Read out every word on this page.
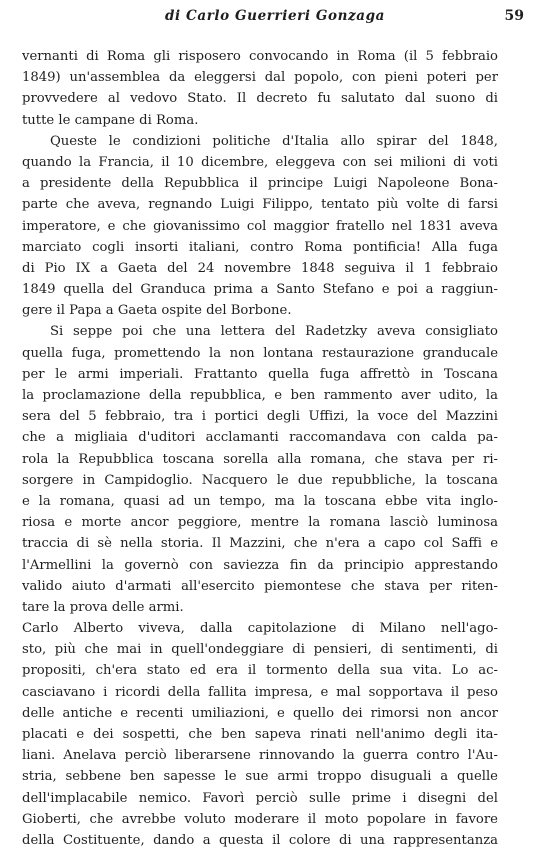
di Carlo Guerrieri Gonzaga	59
vernanti di Roma gli risposero convocando in Roma (il 5 febbraio
1849) un'assemblea da eleggersi dal popolo, con pieni poteri per
provvedere al vedovo Stato. Il decreto fu salutato dal suono di
tutte le campane di Roma.
Queste le condizioni politiche d'Italia allo spirar del 1848,
quando la Francia, il 10 dicembre, eleggeva con sei milioni di voti
a presidente della Repubblica il principe Luigi Napoleone Bona-
parte che aveva, regnando Luigi Filippo, tentato più volte di farsi
imperatore, e che giovanissimo col maggior fratello nel 1831 aveva
marciato cogli insorti italiani, contro Roma pontificia! Alla fuga
di Pio IX a Gaeta del 24 novembre 1848 seguiva il 1 febbraio
1849 quella del Granduca prima a Santo Stefano e poi a raggiun-
gere il Papa a Gaeta ospite del Borbone.
Si seppe poi che una lettera del Radetzky aveva consigliato
quella fuga, promettendo la non lontana restaurazione granducale
per le armi imperiali. Frattanto quella fuga affrettò in Toscana
la proclamazione della repubblica, e ben rammento aver udito, la
sera del 5 febbraio, tra i portici degli Uffizi, la voce del Mazzini
che a migliaia d'uditori acclamanti raccomandava con calda pa-
rola la Repubblica toscana sorella alla romana, che stava per ri-
sorgere in Campidoglio. Nacquero le due repubbliche, la toscana
e la romana, quasi ad un tempo, ma la toscana ebbe vita inglo-
riosa e morte ancor peggiore, mentre la romana lasciò luminosa
traccia di sè nella storia. Il Mazzini, che n'era a capo col Saffi e
l'Armellini la governò con saviezza fin da principio apprestando
valido aiuto d'armati all'esercito piemontese che stava per riten-
tare la prova delle armi.
Carlo Alberto viveva, dalla capitolazione di Milano nell'ago-
sto, più che mai in quell'ondeggiare di pensieri, di sentimenti, di
propositi, ch'era stato ed era il tormento della sua vita. Lo ac-
casciavano i ricordi della fallita impresa, e mal sopportava il peso
delle antiche e recenti umiliazioni, e quello dei rimorsi non ancor
placati e dei sospetti, che ben sapeva rinati nell'animo degli ita-
liani. Anelava perciò liberarsene rinnovando la guerra contro l'Au-
stria, sebbene ben sapesse le sue armi troppo disuguali a quelle
dell'implacabile nemico. Favorì perciò sulle prime i disegni del
Gioberti, che avrebbe voluto moderare il moto popolare in favore
della Costituente, dando a questa il colore di una rappresentanza
